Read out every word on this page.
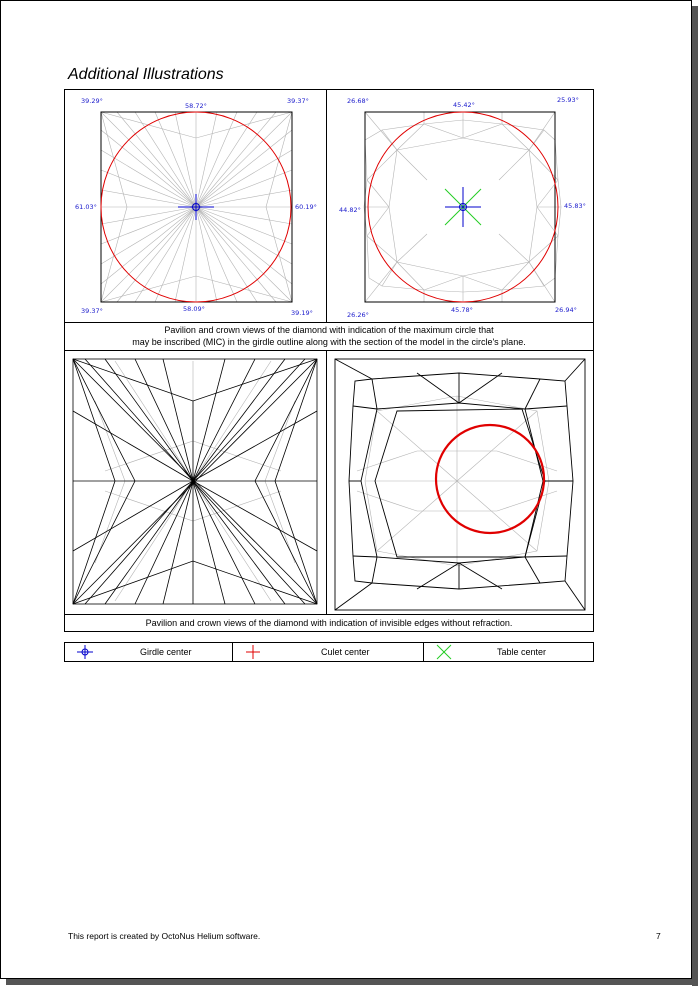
Additional Illustrations
39.29°
58.72°
39.37°
61.03°	60.19°
39.37°	58.09°	39.19°
26.68°	45.42°
25.93°
44.82°	45.83°
26.26°
45.78°	26.94°
Pavilion and crown views of the diamond with indication of the maximum circle that
may be inscribed (MIC) in the girdle outline along with the section of the model in the circle's plane.
Pavilion and crown views of the diamond with indication of invisible edges without refraction.
Girdle center	Culet center	Table center
This report is created by OctoNus Helium software.	7
